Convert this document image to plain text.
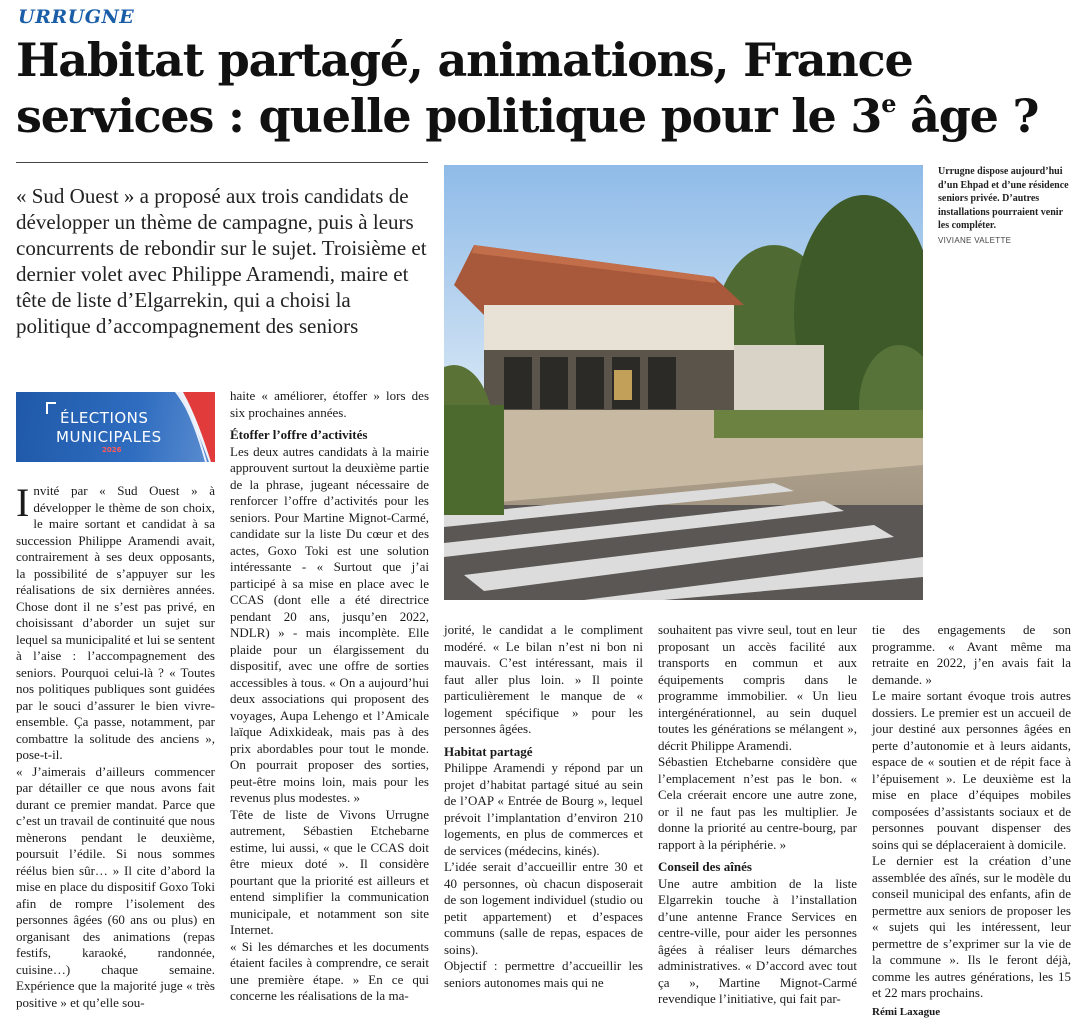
URRUGNE
Habitat partagé, animations, France services : quelle politique pour le 3e âge ?
« Sud Ouest » a proposé aux trois candidats de développer un thème de campagne, puis à leurs concurrents de rebondir sur le sujet. Troisième et dernier volet avec Philippe Aramendi, maire et tête de liste d’Elgarrekin, qui a choisi la politique d’accompagnement des seniors
ÉLECTIONS
MUNICIPALES
2026

Invité par « Sud Ouest » à développer le thème de son choix, le maire sortant et candidat à sa succession Philippe Aramendi avait, contrairement à ses deux opposants, la possibilité de s’appuyer sur les réalisations de six dernières années. Chose dont il ne s’est pas privé, en choisissant d’aborder un sujet sur lequel sa municipalité et lui se sentent à l’aise : l’accompagnement des seniors. Pourquoi celui-là ? « Toutes nos politiques publiques sont guidées par le souci d’assurer le bien vivre-ensemble. Ça passe, notamment, par combattre la solitude des anciens », pose-t-il.

« J’aimerais d’ailleurs commencer par détailler ce que nous avons fait durant ce premier mandat. Parce que c’est un travail de continuité que nous mènerons pendant le deuxième, poursuit l’édile. Si nous sommes réélus bien sûr… » Il cite d’abord la mise en place du dispositif Goxo Toki afin de rompre l’isolement des personnes âgées (60 ans ou plus) en organisant des animations (repas festifs, karaoké, randonnée, cuisine…) chaque semaine. Expérience que la majorité juge « très positive » et qu’elle sou-

haite « améliorer, étoffer » lors des six prochaines années.

Étoffer l’offre d’activités

Les deux autres candidats à la mairie approuvent surtout la deuxième partie de la phrase, jugeant nécessaire de renforcer l’offre d’activités pour les seniors. Pour Martine Mignot-Carmé, candidate sur la liste Du cœur et des actes, Goxo Toki est une solution intéressante - « Surtout que j’ai participé à sa mise en place avec le CCAS (dont elle a été directrice pendant 20 ans, jusqu’en 2022, NDLR) » - mais incomplète. Elle plaide pour un élargissement du dispositif, avec une offre de sorties accessibles à tous. « On a aujourd’hui deux associations qui proposent des voyages, Aupa Lehengo et l’Amicale laïque Adixkideak, mais pas à des prix abordables pour tout le monde. On pourrait proposer des sorties, peut-être moins loin, mais pour les revenus plus modestes. »

Tête de liste de Vivons Urrugne autrement, Sébastien Etchebarne estime, lui aussi, « que le CCAS doit être mieux doté ». Il considère pourtant que la priorité est ailleurs et entend simplifier la communication municipale, et notamment son site Internet.

« Si les démarches et les documents étaient faciles à comprendre, ce serait une première étape. » En ce qui concerne les réalisations de la ma-

Urrugne dispose aujourd’hui d’un Ehpad et d’une résidence seniors privée. D’autres installations pourraient venir les compléter.
VIVIANE VALETTE

jorité, le candidat a le compliment modéré. « Le bilan n’est ni bon ni mauvais. C’est intéressant, mais il faut aller plus loin. » Il pointe particulièrement le manque de « logement spécifique » pour les personnes âgées.

Habitat partagé

Philippe Aramendi y répond par un projet d’habitat partagé situé au sein de l’OAP « Entrée de Bourg », lequel prévoit l’implantation d’environ 210 logements, en plus de commerces et de services (médecins, kinés).

L’idée serait d’accueillir entre 30 et 40 personnes, où chacun disposerait de son logement individuel (studio ou petit appartement) et d’espaces communs (salle de repas, espaces de soins).

Objectif : permettre d’accueillir les seniors autonomes mais qui ne

souhaitent pas vivre seul, tout en leur proposant un accès facilité aux transports en commun et aux équipements compris dans le programme immobilier. « Un lieu intergénérationnel, au sein duquel toutes les générations se mélangent », décrit Philippe Aramendi.

Sébastien Etchebarne considère que l’emplacement n’est pas le bon. « Cela créerait encore une autre zone, or il ne faut pas les multiplier. Je donne la priorité au centre-bourg, par rapport à la périphérie. »

Conseil des aînés

Une autre ambition de la liste Elgarrekin touche à l’installation d’une antenne France Services en centre-ville, pour aider les personnes âgées à réaliser leurs démarches administratives. « D’accord avec tout ça », Martine Mignot-Carmé revendique l’initiative, qui fait par-

tie des engagements de son programme. « Avant même ma retraite en 2022, j’en avais fait la demande. »

Le maire sortant évoque trois autres dossiers. Le premier est un accueil de jour destiné aux personnes âgées en perte d’autonomie et à leurs aidants, espace de « soutien et de répit face à l’épuisement ». Le deuxième est la mise en place d’équipes mobiles composées d’assistants sociaux et de personnes pouvant dispenser des soins qui se déplaceraient à domicile.

Le dernier est la création d’une assemblée des aînés, sur le modèle du conseil municipal des enfants, afin de permettre aux seniors de proposer les « sujets qui les intéressent, leur permettre de s’exprimer sur la vie de la commune ». Ils le feront déjà, comme les autres générations, les 15 et 22 mars prochains.

Rémi Laxague
